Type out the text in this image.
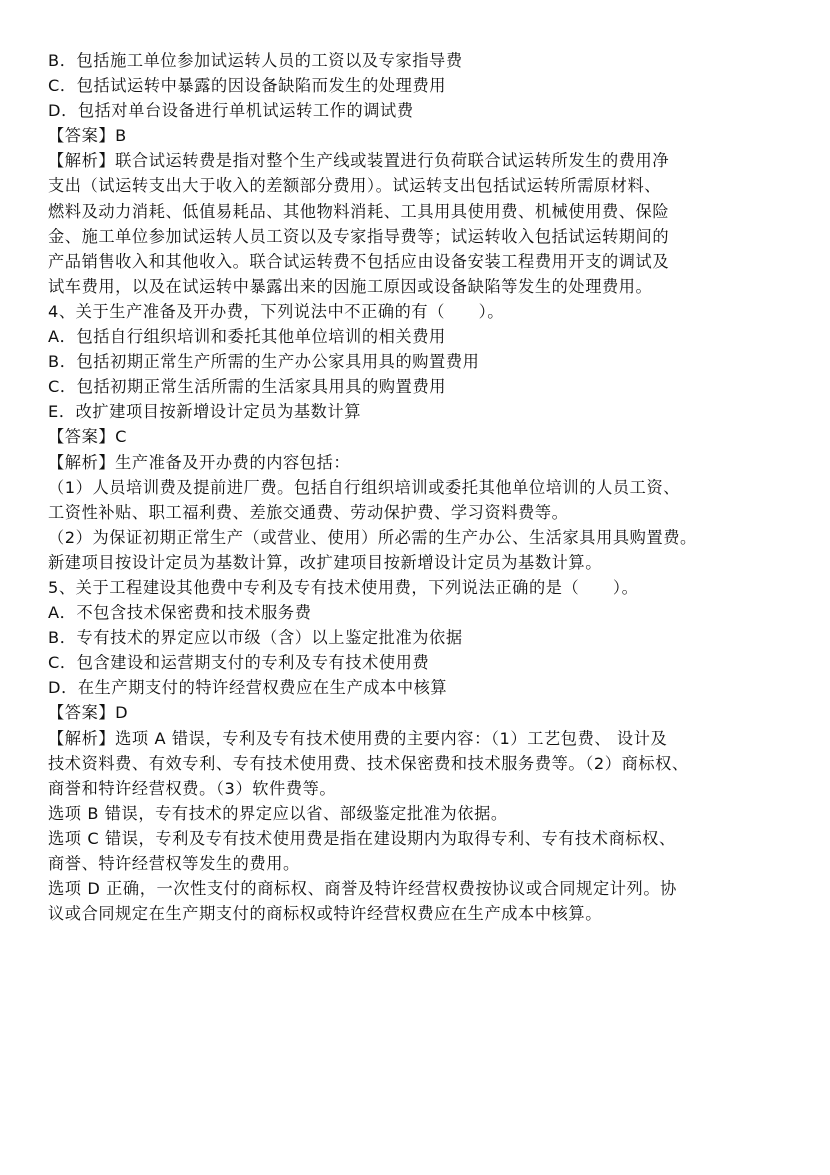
B．包括施工单位参加试运转人员的工资以及专家指导费
C．包括试运转中暴露的因设备缺陷而发生的处理费用
D．包括对单台设备进行单机试运转工作的调试费
【答案】B
【解析】联合试运转费是指对整个生产线或装置进行负荷联合试运转所发生的费用净
支出（试运转支出大于收入的差额部分费用）。试运转支出包括试运转所需原材料、
燃料及动力消耗、低值易耗品、其他物料消耗、工具用具使用费、机械使用费、保险
金、施工单位参加试运转人员工资以及专家指导费等；试运转收入包括试运转期间的
产品销售收入和其他收入。联合试运转费不包括应由设备安装工程费用开支的调试及
试车费用，以及在试运转中暴露出来的因施工原因或设备缺陷等发生的处理费用。
4、关于生产准备及开办费，下列说法中不正确的有（　　）。
A．包括自行组织培训和委托其他单位培训的相关费用
B．包括初期正常生产所需的生产办公家具用具的购置费用
C．包括初期正常生活所需的生活家具用具的购置费用
E．改扩建项目按新增设计定员为基数计算
【答案】C
【解析】生产准备及开办费的内容包括：
（1）人员培训费及提前进厂费。包括自行组织培训或委托其他单位培训的人员工资、
工资性补贴、职工福利费、差旅交通费、劳动保护费、学习资料费等。
（2）为保证初期正常生产（或营业、使用）所必需的生产办公、生活家具用具购置费。
新建项目按设计定员为基数计算，改扩建项目按新增设计定员为基数计算。
5、关于工程建设其他费中专利及专有技术使用费，下列说法正确的是（　　）。
A．不包含技术保密费和技术服务费
B．专有技术的界定应以市级（含）以上鉴定批准为依据
C．包含建设和运营期支付的专利及专有技术使用费
D．在生产期支付的特许经营权费应在生产成本中核算
【答案】D
【解析】选项 A 错误，专利及专有技术使用费的主要内容：（1）工艺包费、 设计及
技术资料费、有效专利、专有技术使用费、技术保密费和技术服务费等。（2）商标权、
商誉和特许经营权费。（3）软件费等。
选项 B 错误，专有技术的界定应以省、部级鉴定批准为依据。
选项 C 错误，专利及专有技术使用费是指在建设期内为取得专利、专有技术商标权、
商誉、特许经营权等发生的费用。
选项 D 正确，一次性支付的商标权、商誉及特许经营权费按协议或合同规定计列。协
议或合同规定在生产期支付的商标权或特许经营权费应在生产成本中核算。
